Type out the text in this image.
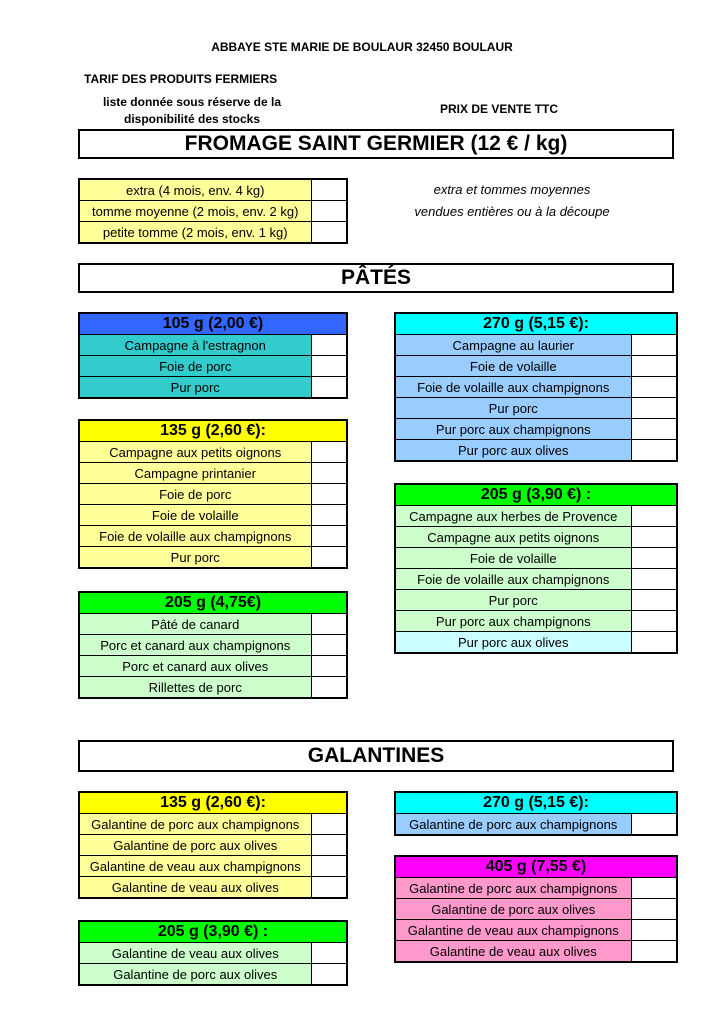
ABBAYE STE MARIE DE BOULAUR 32450 BOULAUR
TARIF DES PRODUITS FERMIERS
liste donnée sous réserve de la disponibilité des stocks
PRIX DE VENTE TTC
FROMAGE SAINT GERMIER (12 € / kg)
extra (4 mois, env. 4 kg)	
tomme moyenne (2 mois, env. 2 kg)	
petite tomme (2 mois, env. 1 kg)	
extra et tommes moyennes
vendues entières ou à la découpe
PÂTÉS
105 g (2,00 €)	
Campagne à l'estragnon	
Foie de porc	
Pur porc	
135 g (2,60 €):	
Campagne aux petits oignons	
Campagne printanier	
Foie de porc	
Foie de volaille	
Foie de volaille aux champignons	
Pur porc	
205 g (4,75€)	
Pâté de canard	
Porc et canard aux champignons	
Porc et canard aux olives	
Rillettes de porc	
270 g (5,15 €):	
Campagne au laurier	
Foie de volaille	
Foie de volaille aux champignons	
Pur porc	
Pur porc aux champignons	
Pur porc aux olives	
205 g (3,90 €) :	
Campagne aux herbes de Provence	
Campagne aux petits oignons	
Foie de volaille	
Foie de volaille aux champignons	
Pur porc	
Pur porc aux champignons	
Pur porc aux olives	
GALANTINES
135 g (2,60 €):	
Galantine de porc aux champignons	
Galantine de porc aux olives	
Galantine de veau aux champignons	
Galantine de veau aux olives	
205 g (3,90 €) :	
Galantine de veau aux olives	
Galantine de porc aux olives	
270 g (5,15 €):
Galantine de porc aux champignons	
405 g (7,55 €)	
Galantine de porc aux champignons	
Galantine de porc aux olives	
Galantine de veau aux champignons	
Galantine de veau aux olives	
